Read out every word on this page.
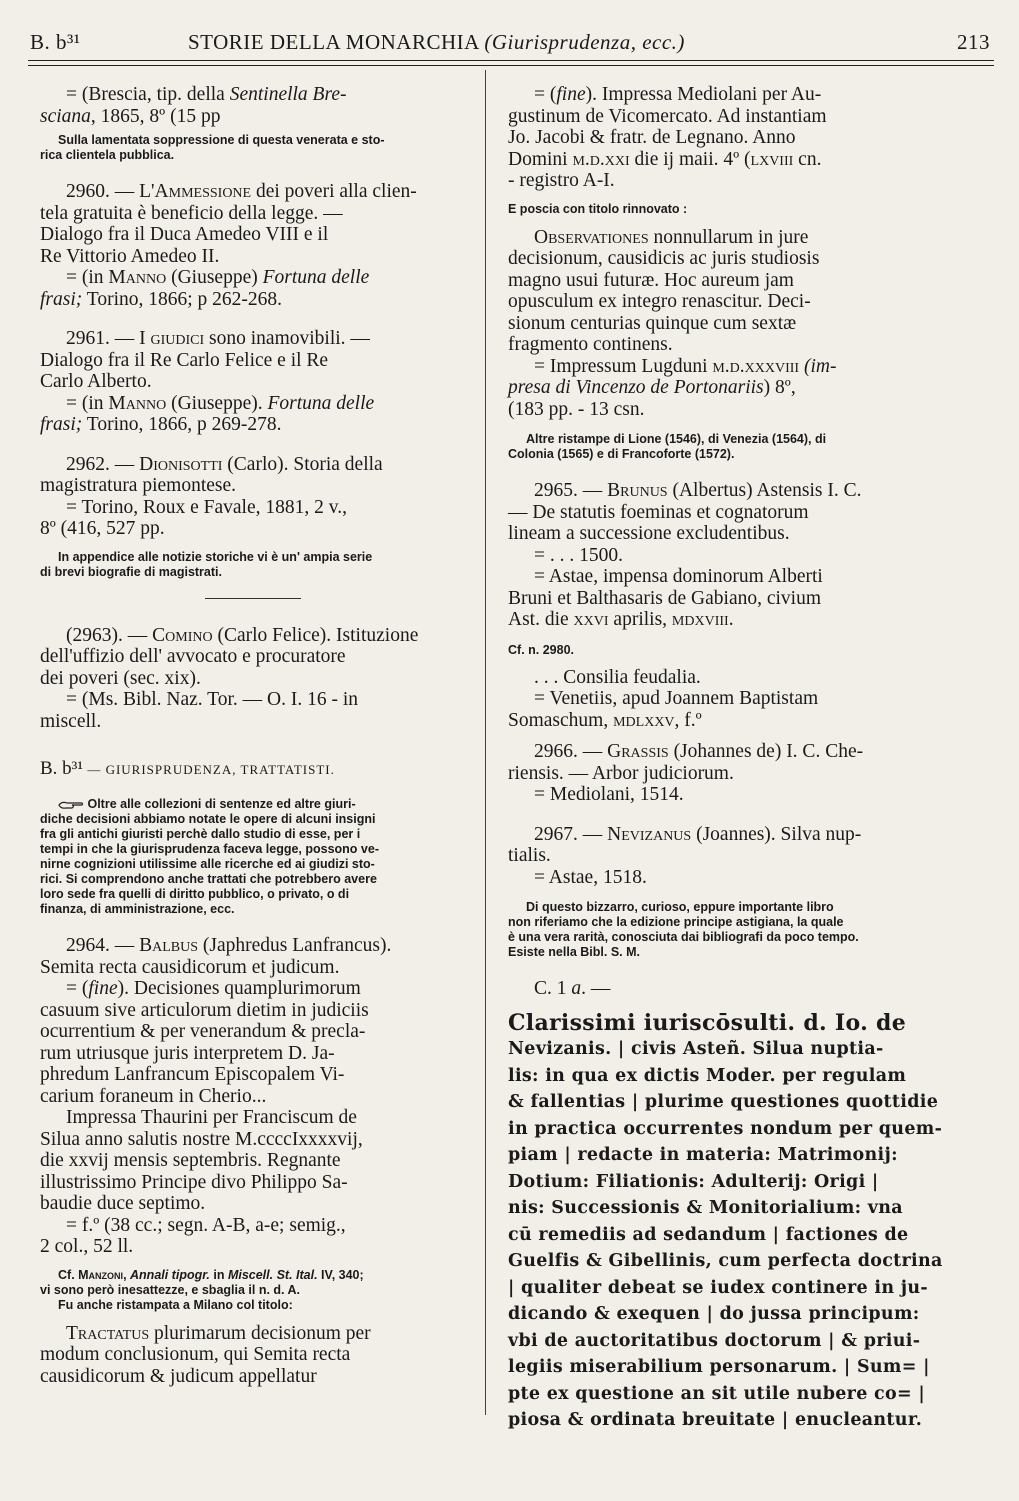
B. b³¹	STORIE DELLA MONARCHIA (Giurisprudenza, ecc.)	213
= (Brescia, tip. della Sentinella Bre-
sciana, 1865, 8º (15 pp
Sulla lamentata soppressione di questa venerata e sto-
rica clientela pubblica.
2960. — L'Ammessione dei poveri alla clien-
tela gratuita è beneficio della legge. —
Dialogo fra il Duca Amedeo VIII e il
Re Vittorio Amedeo II.
= (in Manno (Giuseppe) Fortuna delle
frasi; Torino, 1866; p 262-268.
2961. — I giudici sono inamovibili. —
Dialogo fra il Re Carlo Felice e il Re
Carlo Alberto.
= (in Manno (Giuseppe). Fortuna delle
frasi; Torino, 1866, p 269-278.
2962. — Dionisotti (Carlo). Storia della
magistratura piemontese.
= Torino, Roux e Favale, 1881, 2 v.,
8º (416, 527 pp.
In appendice alle notizie storiche vi è un' ampia serie
di brevi biografie di magistrati.
(2963). — Comino (Carlo Felice). Istituzione
dell'uffizio dell' avvocato e procuratore
dei poveri (sec. xix).
= (Ms. Bibl. Naz. Tor. — O. I. 16 - in
miscell.
B. b³¹ — GIURISPRUDENZA, TRATTATISTI.
Oltre alle collezioni di sentenze ed altre giuri-
diche decisioni abbiamo notate le opere di alcuni insigni
fra gli antichi giuristi perchè dallo studio di esse, per i
tempi in che la giurisprudenza faceva legge, possono ve-
nirne cognizioni utilissime alle ricerche ed ai giudizi sto-
rici. Si comprendono anche trattati che potrebbero avere
loro sede fra quelli di diritto pubblico, o privato, o di
finanza, di amministrazione, ecc.
2964. — Balbus (Japhredus Lanfrancus).
Semita recta causidicorum et judicum.
= (fine). Decisiones quamplurimorum
casuum sive articulorum dietim in judiciis
ocurrentium & per venerandum & precla-
rum utriusque juris interpretem D. Ja-
phredum Lanfrancum Episcopalem Vi-
carium foraneum in Cherio...
Impressa Thaurini per Franciscum de
Silua anno salutis nostre M.ccccIxxxxvij,
die xxvij mensis septembris. Regnante
illustrissimo Principe divo Philippo Sa-
baudie duce septimo.
= f.º (38 cc.; segn. A-B, a-e; semig.,
2 col., 52 ll.
Cf. Manzoni, Annali tipogr. in Miscell. St. Ital. IV, 340;
vi sono però inesattezze, e sbaglia il n. d. A.
Fu anche ristampata a Milano col titolo:
Tractatus plurimarum decisionum per
modum conclusionum, qui Semita recta
causidicorum & judicum appellatur
= (fine). Impressa Mediolani per Au-
gustinum de Vicomercato. Ad instantiam
Jo. Jacobi & fratr. de Legnano. Anno
Domini m.d.xxi die ij maii. 4º (lxviii cn.
- registro A-I.
E poscia con titolo rinnovato :
Observationes nonnullarum in jure
decisionum, causidicis ac juris studiosis
magno usui futuræ. Hoc aureum jam
opusculum ex integro renascitur. Deci-
sionum centurias quinque cum sextæ
fragmento continens.
= Impressum Lugduni m.d.xxxviii (im-
presa di Vincenzo de Portonariis) 8º,
(183 pp. - 13 csn.
Altre ristampe di Lione (1546), di Venezia (1564), di
Colonia (1565) e di Francoforte (1572).
2965. — Brunus (Albertus) Astensis I. C.
— De statutis foeminas et cognatorum
lineam a successione excludentibus.
= . . . 1500.
= Astae, impensa dominorum Alberti
Bruni et Balthasaris de Gabiano, civium
Ast. die xxvi aprilis, mdxviii.
Cf. n. 2980.
. . . Consilia feudalia.
= Venetiis, apud Joannem Baptistam
Somaschum, mdlxxv, f.º
2966. — Grassis (Johannes de) I. C. Che-
riensis. — Arbor judiciorum.
= Mediolani, 1514.
2967. — Nevizanus (Joannes). Silva nup-
tialis.
= Astae, 1518.
Di questo bizzarro, curioso, eppure importante libro
non riferiamo che la edizione principe astigiana, la quale
è una vera rarità, conosciuta dai bibliografi da poco tempo.
Esiste nella Bibl. S. M.
C. 1 a. —
Clarissimi iuriscōsulti. d. Io. de
Nevizanis. | civis Asteñ. Silua nuptia-
lis: in qua ex dictis Moder. per regulam
& fallentias | plurime questiones quottidie
in practica occurrentes nondum per quem-
piam | redacte in materia: Matrimonij:
Dotium: Filiationis: Adulterij: Origi |
nis: Successionis & Monitorialium: vna
cū remediis ad sedandum | factiones de
Guelfis & Gibellinis, cum perfecta doctrina
| qualiter debeat se iudex continere in ju-
dicando & exequen | do jussa principum:
vbi de auctoritatibus doctorum | & priui-
legiis miserabilium personarum. | Sum= |
pte ex questione an sit utile nubere co= |
piosa & ordinata breuitate | enucleantur.
